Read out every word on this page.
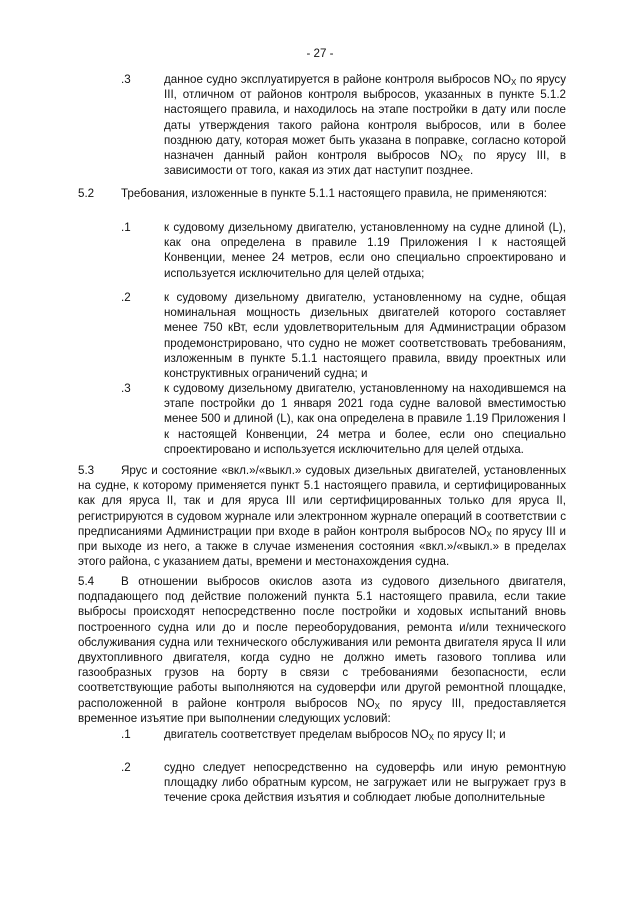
- 27 -
.3	данное судно эксплуатируется в районе контроля выбросов $NO_X$ по ярусу III, отличном от районов контроля выбросов, указанных в пункте 5.1.2 настоящего правила, и находилось на этапе постройки в дату или после даты утверждения такого района контроля выбросов, или в более позднюю дату, которая может быть указана в поправке, согласно которой назначен данный район контроля выбросов $NO_X$ по ярусу III, в зависимости от того, какая из этих дат наступит позднее.
5.2 Требования, изложенные в пункте 5.1.1 настоящего правила, не применяются:
.1	к судовому дизельному двигателю, установленному на судне длиной (L), как она определена в правиле 1.19 Приложения I к настоящей Конвенции, менее 24 метров, если оно специально спроектировано и используется исключительно для целей отдыха;
.2	к судовому дизельному двигателю, установленному на судне, общая номинальная мощность дизельных двигателей которого составляет менее 750 кВт, если удовлетворительным для Администрации образом продемонстрировано, что судно не может соответствовать требованиям, изложенным в пункте 5.1.1 настоящего правила, ввиду проектных или конструктивных ограничений судна; и
.3	к судовому дизельному двигателю, установленному на находившемся на этапе постройки до 1 января 2021 года судне валовой вместимостью менее 500 и длиной (L), как она определена в правиле 1.19 Приложения I к настоящей Конвенции, 24 метра и более, если оно специально спроектировано и используется исключительно для целей отдыха.
5.3 Ярус и состояние «вкл.»/«выкл.» судовых дизельных двигателей, установленных на судне, к которому применяется пункт 5.1 настоящего правила, и сертифицированных как для яруса II, так и для яруса III или сертифицированных только для яруса II, регистрируются в судовом журнале или электронном журнале операций в соответствии с предписаниями Администрации при входе в район контроля выбросов $NO_X$ по ярусу III и при выходе из него, а также в случае изменения состояния «вкл.»/«выкл.» в пределах этого района, с указанием даты, времени и местонахождения судна.
5.4 В отношении выбросов окислов азота из судового дизельного двигателя, подпадающего под действие положений пункта 5.1 настоящего правила, если такие выбросы происходят непосредственно после постройки и ходовых испытаний вновь построенного судна или до и после переоборудования, ремонта и/или технического обслуживания судна или технического обслуживания или ремонта двигателя яруса II или двухтопливного двигателя, когда судно не должно иметь газового топлива или газообразных грузов на борту в связи с требованиями безопасности, если соответствующие работы выполняются на судоверфи или другой ремонтной площадке, расположенной в районе контроля выбросов $NO_X$ по ярусу III, предоставляется временное изъятие при выполнении следующих условий:
.1	двигатель соответствует пределам выбросов $NO_X$ по ярусу II; и
.2	судно следует непосредственно на судоверфь или иную ремонтную площадку либо обратным курсом, не загружает или не выгружает груз в течение срока действия изъятия и соблюдает любые дополнительные
